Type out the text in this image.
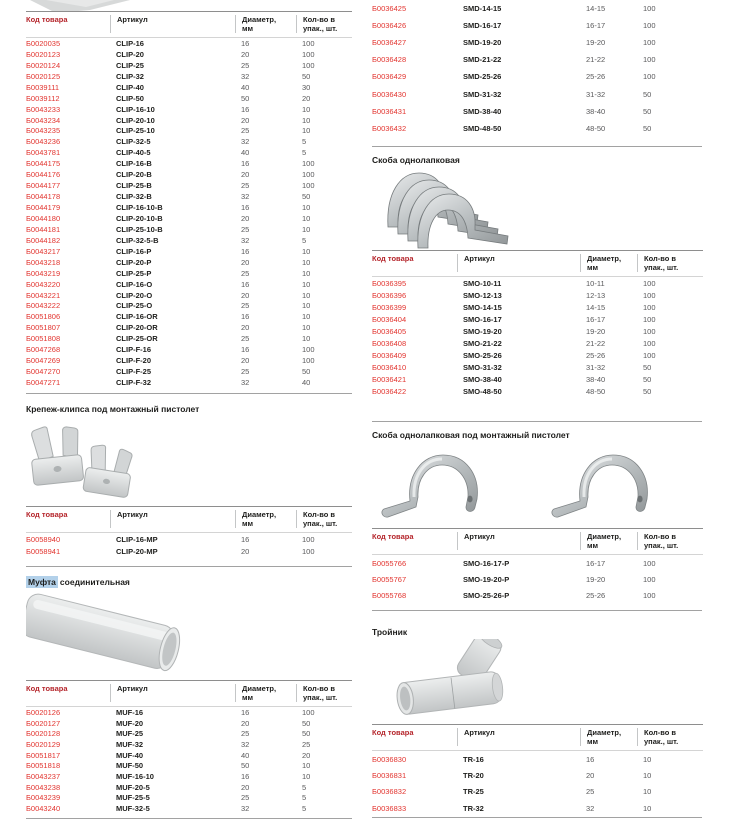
Код товара	Артикул	Диаметр,
мм
Кол-во в
упак., шт.
Б0020035	CLIP-16	16	100
Б0020123	CLIP-20	20	100
Б0020124	CLIP-25	25	100
Б0020125	CLIP-32	32	50
Б0039111	CLIP-40	40	30
Б0039112	CLIP-50	50	20
Б0043233	CLIP-16-10	16	10
Б0043234	CLIP-20-10	20	10
Б0043235	CLIP-25-10	25	10
Б0043236	CLIP-32-5	32	5
Б0043781	CLIP-40-5	40	5
Б0044175	CLIP-16-B	16	100
Б0044176	CLIP-20-B	20	100
Б0044177	CLIP-25-B	25	100
Б0044178	CLIP-32-B	32	50
Б0044179	CLIP-16-10-B	16	10
Б0044180	CLIP-20-10-B	20	10
Б0044181	CLIP-25-10-B	25	10
Б0044182	CLIP-32-5-B	32	5
Б0043217	CLIP-16-P	16	10
Б0043218	CLIP-20-P	20	10
Б0043219	CLIP-25-P	25	10
Б0043220	CLIP-16-O	16	10
Б0043221	CLIP-20-O	20	10
Б0043222	CLIP-25-O	25	10
Б0051806	CLIP-16-OR	16	10
Б0051807	CLIP-20-OR	20	10
Б0051808	CLIP-25-OR	25	10
Б0047268	CLIP-F-16	16	100
Б0047269	CLIP-F-20	20	100
Б0047270	CLIP-F-25	25	50
Б0047271	CLIP-F-32	32	40
Крепеж-клипса под монтажный пистолет
Код товара	Артикул	Диаметр,
мм
Кол-во в
упак., шт.
Б0058940	CLIP-16-MP	16	100
Б0058941	CLIP-20-MP	20	100
Муфта соединительная
Код товара	Артикул	Диаметр,
мм
Кол-во в
упак., шт.
Б0020126	MUF-16	16	100
Б0020127	MUF-20	20	50
Б0020128	MUF-25	25	50
Б0020129	MUF-32	32	25
Б0051817	MUF-40	40	20
Б0051818	MUF-50	50	10
Б0043237	MUF-16-10	16	10
Б0043238	MUF-20-5	20	5
Б0043239	MUF-25-5	25	5
Б0043240	MUF-32-5	32	5
Б0036425	SMD-14-15	14-15	100
Б0036426	SMD-16-17	16-17	100
Б0036427	SMD-19-20	19-20	100
Б0036428	SMD-21-22	21-22	100
Б0036429	SMD-25-26	25-26	100
Б0036430	SMD-31-32	31-32	50
Б0036431	SMD-38-40	38-40	50
Б0036432	SMD-48-50	48-50	50
Скоба однолапковая
Код товара	Артикул	Диаметр,
мм
Кол-во в
упак., шт.
Б0036395	SMO-10-11	10-11	100
Б0036396	SMO-12-13	12-13	100
Б0036399	SMO-14-15	14-15	100
Б0036404	SMO-16-17	16-17	100
Б0036405	SMO-19-20	19-20	100
Б0036408	SMO-21-22	21-22	100
Б0036409	SMO-25-26	25-26	100
Б0036410	SMO-31-32	31-32	50
Б0036421	SMO-38-40	38-40	50
Б0036422	SMO-48-50	48-50	50
Скоба однолапковая под монтажный пистолет
Код товара	Артикул	Диаметр,
мм
Кол-во в
упак., шт.
Б0055766	SMO-16-17-P	16-17	100
Б0055767	SMO-19-20-P	19-20	100
Б0055768	SMO-25-26-P	25-26	100
Тройник
Код товара	Артикул	Диаметр,
мм
Кол-во в
упак., шт.
Б0036830	TR-16	16	10
Б0036831	TR-20	20	10
Б0036832	TR-25	25	10
Б0036833	TR-32	32	10
